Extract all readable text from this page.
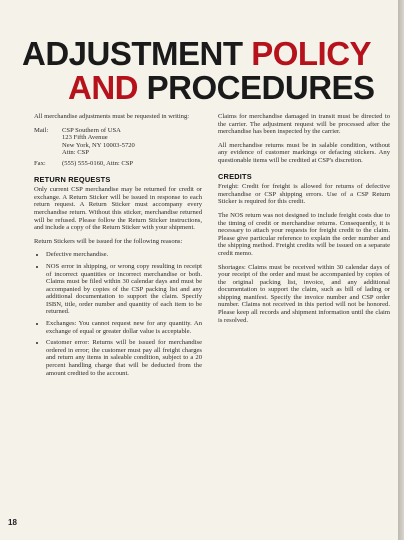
ADJUSTMENT POLICY
AND PROCEDURES

All merchandise adjustments must be requested in writing:

Mail:	CSP Southern of USA
123 Fifth Avenue
New York, NY 10003-5720
Attn: CSP
Fax:	(555) 555-0160, Attn: CSP
RETURN REQUESTS

Only current CSP merchandise may be returned for credit or exchange. A Return Sticker will be issued in response to each return request. A Return Sticker must accompany every merchandise return. Without this sticker, merchandise returned will be refused. Please follow the Return Sticker instructions, and include a copy of the Return Sticker with your shipment.

Return Stickers will be issued for the following reasons:

• Defective merchandise.
• NOS error in shipping, or wrong copy resulting in receipt of incorrect quantities or incorrect merchandise or both. Claims must be filed within 30 calendar days and must be accompanied by copies of the CSP packing list and any additional documentation to support the claim. Specify ISBN, title, order number and quantity of each item to be returned.
• Exchanges: You cannot request new for any quantity. An exchange of equal or greater dollar value is acceptable.
• Customer error: Returns will be issued for merchandise ordered in error; the customer must pay all freight charges and return any items in saleable condition, subject to a 20 percent handling charge that will be deducted from the amount credited to the account.

Claims for merchandise damaged in transit must be directed to the carrier. The adjustment request will be processed after the merchandise has been inspected by the carrier.

All merchandise returns must be in salable condition, without any evidence of customer markings or defacing stickers. Any questionable items will be credited at CSP's discretion.

CREDITS

Freight: Credit for freight is allowed for returns of defective merchandise or CSP shipping errors. Use of a CSP Return Sticker is required for this credit.

The NOS return was not designed to include freight costs due to the timing of credit or merchandise returns. Consequently, it is necessary to attach your requests for freight credit to the claim. Please give particular reference to explain the order number and the shipping method. Freight credits will be issued on a separate credit memo.

Shortages: Claims must be received within 30 calendar days of your receipt of the order and must be accompanied by copies of the original packing list, invoice, and any additional documentation to support the claim, such as bill of lading or shipping manifest. Specify the invoice number and CSP order number. Claims not received in this period will not be honored. Please keep all records and shipment information until the claim is resolved.

18
